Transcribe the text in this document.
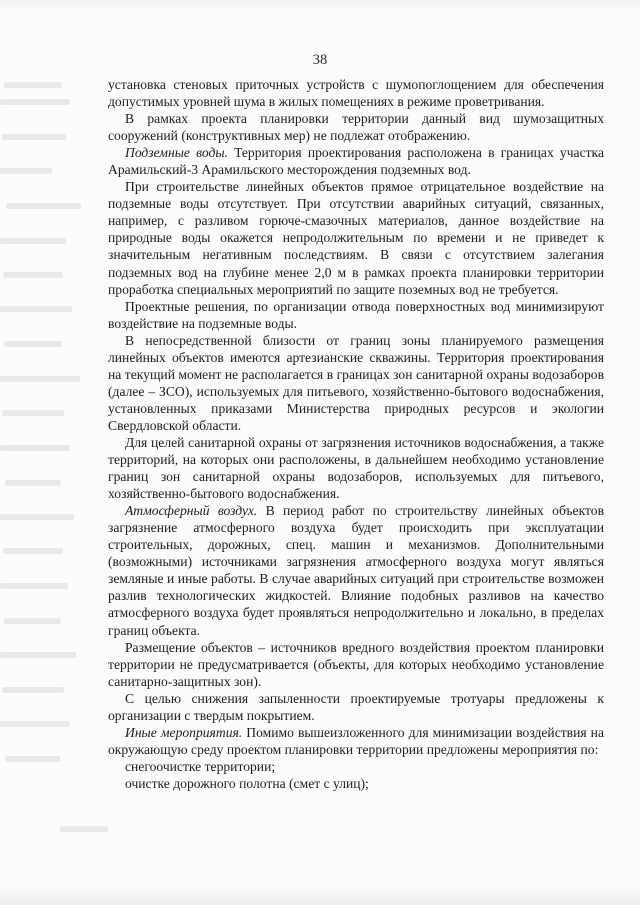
38

установка стеновых приточных устройств с шумопоглощением для обеспечения допустимых уровней шума в жилых помещениях в режиме проветривания.

В рамках проекта планировки территории данный вид шумозащитных сооружений (конструктивных мер) не подлежат отображению.

Подземные воды. Территория проектирования расположена в границах участка Арамильский-3 Арамильского месторождения подземных вод.

При строительстве линейных объектов прямое отрицательное воздействие на подземные воды отсутствует. При отсутствии аварийных ситуаций, связанных, например, с разливом горюче-смазочных материалов, данное воздействие на природные воды окажется непродолжительным по времени и не приведет к значительным негативным последствиям. В связи с отсутствием залегания подземных вод на глубине менее 2,0 м в рамках проекта планировки территории проработка специальных мероприятий по защите поземных вод не требуется.

Проектные решения, по организации отвода поверхностных вод минимизируют воздействие на подземные воды.

В непосредственной близости от границ зоны планируемого размещения линейных объектов имеются артезианские скважины. Территория проектирования на текущий момент не располагается в границах зон санитарной охраны водозаборов (далее – ЗСО), используемых для питьевого, хозяйственно-бытового водоснабжения, установленных приказами Министерства природных ресурсов и экологии Свердловской области.

Для целей санитарной охраны от загрязнения источников водоснабжения, а также территорий, на которых они расположены, в дальнейшем необходимо установление границ зон санитарной охраны водозаборов, используемых для питьевого, хозяйственно-бытового водоснабжения.

Атмосферный воздух. В период работ по строительству линейных объектов загрязнение атмосферного воздуха будет происходить при эксплуатации строительных, дорожных, спец. машин и механизмов. Дополнительными (возможными) источниками загрязнения атмосферного воздуха могут являться земляные и иные работы. В случае аварийных ситуаций при строительстве возможен разлив технологических жидкостей. Влияние подобных разливов на качество атмосферного воздуха будет проявляться непродолжительно и локально, в пределах границ объекта.

Размещение объектов – источников вредного воздействия проектом планировки территории не предусматривается (объекты, для которых необходимо установление санитарно-защитных зон).

С целью снижения запыленности проектируемые тротуары предложены к организации с твердым покрытием.

Иные мероприятия. Помимо вышеизложенного для минимизации воздействия на окружающую среду проектом планировки территории предложены мероприятия по:

снегоочистке территории;

очистке дорожного полотна (смет с улиц);
